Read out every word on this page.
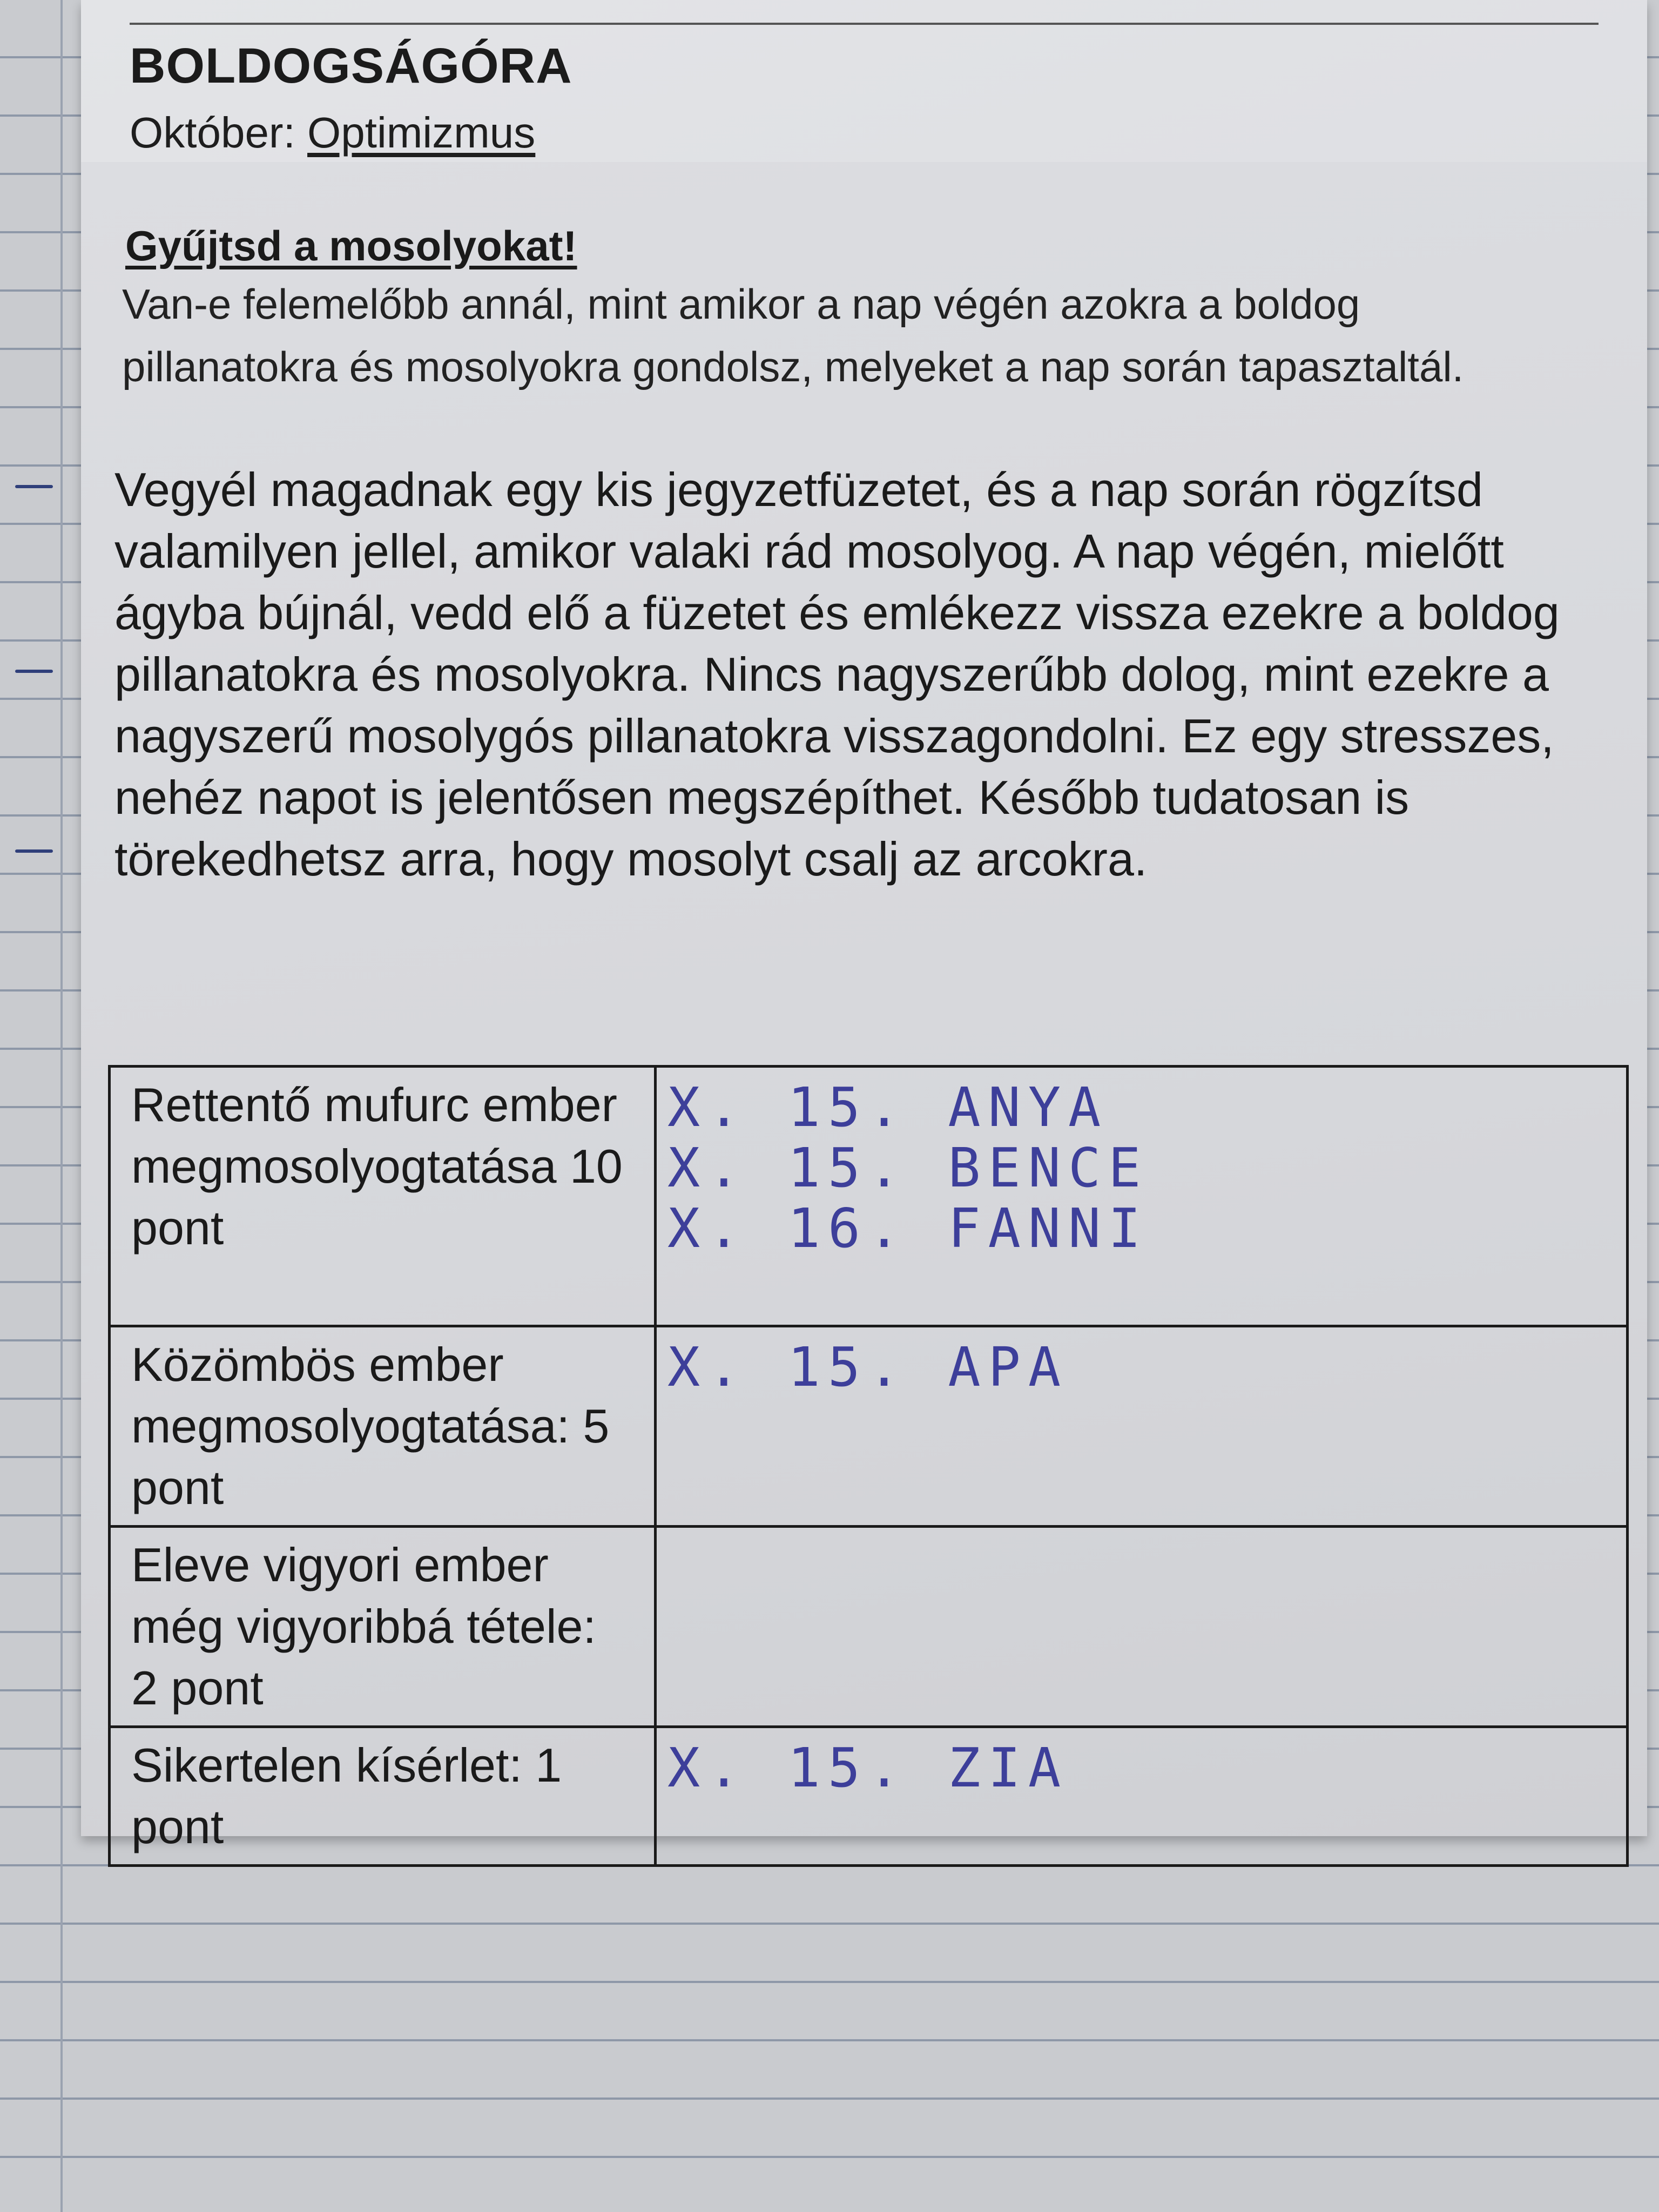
BOLDOGSÁGÓRA
Október: Optimizmus
Gyűjtsd a mosolyokat!
Van-e felemelőbb annál, mint amikor a nap végén azokra a boldog pillanatokra és mosolyokra gondolsz, melyeket a nap során tapasztaltál.
Vegyél magadnak egy kis jegyzetfüzetet, és a nap során rögzítsd valamilyen jellel, amikor valaki rád mosolyog. A nap végén, mielőtt ágyba bújnál, vedd elő a füzetet és emlékezz vissza ezekre a boldog pillanatokra és mosolyokra. Nincs nagyszerűbb dolog, mint ezekre a nagyszerű mosolygós pillanatokra visszagondolni. Ez egy stresszes, nehéz napot is jelentősen megszépíthet. Később tudatosan is törekedhetsz arra, hogy mosolyt csalj az arcokra.
Rettentő mufurc ember megmosolyogtatása 10 pont	X. 15. ANYA
X. 15. BENCE
X. 16. FANNI

Közömbös ember megmosolyogtatása: 5 pont	X. 15. APA

Eleve vigyori ember még vigyoribbá tétele: 2 pont	
Sikertelen kísérlet: 1 pont	X. 15. ZIA
